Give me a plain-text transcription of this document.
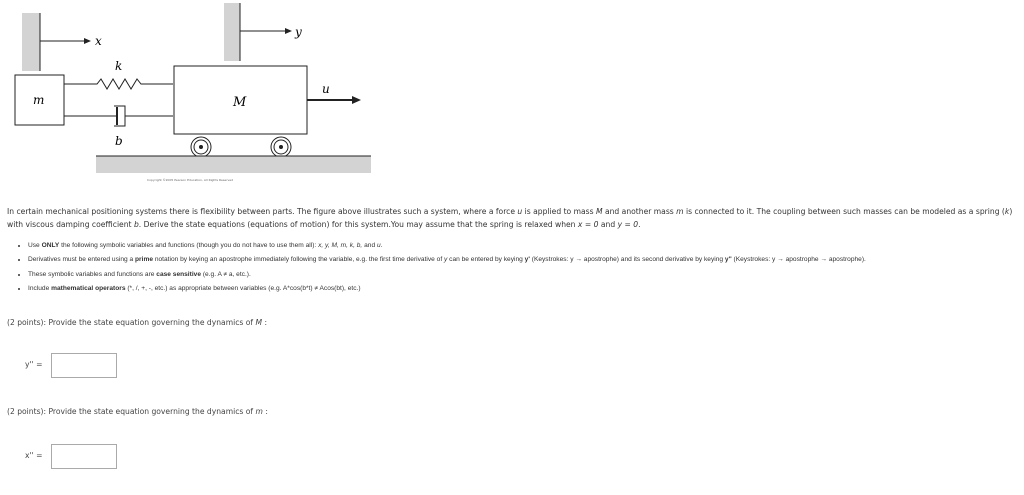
x
m
k
b
M
y
u
Copyright ©2005 Pearson Education, All Rights Reserved
In certain mechanical positioning systems there is flexibility between parts. The figure above illustrates such a system, where a force u is applied to mass M and another mass m is connected to it. The coupling between such masses can be modeled as a spring (k) with viscous damping coefficient b. Derive the state equations (equations of motion) for this system.You may assume that the spring is relaxed when x = 0 and y = 0.
• Use ONLY the following symbolic variables and functions (though you do not have to use them all): x, y, M, m, k, b, and u.
• Derivatives must be entered using a prime notation by keying an apostrophe immediately following the variable, e.g. the first time derivative of y can be entered by keying y' (Keystrokes: y → apostrophe) and its second derivative by keying y'' (Keystrokes: y → apostrophe → apostrophe).
• These symbolic variables and functions are case sensitive (e.g. A ≠ a, etc.).
• Include mathematical operators (*, /, +, -, etc.) as appropriate between variables (e.g. A*cos(b*t) ≠ Acos(bt), etc.)
(2 points): Provide the state equation governing the dynamics of M :
y'' =
(2 points): Provide the state equation governing the dynamics of m :
x'' =
